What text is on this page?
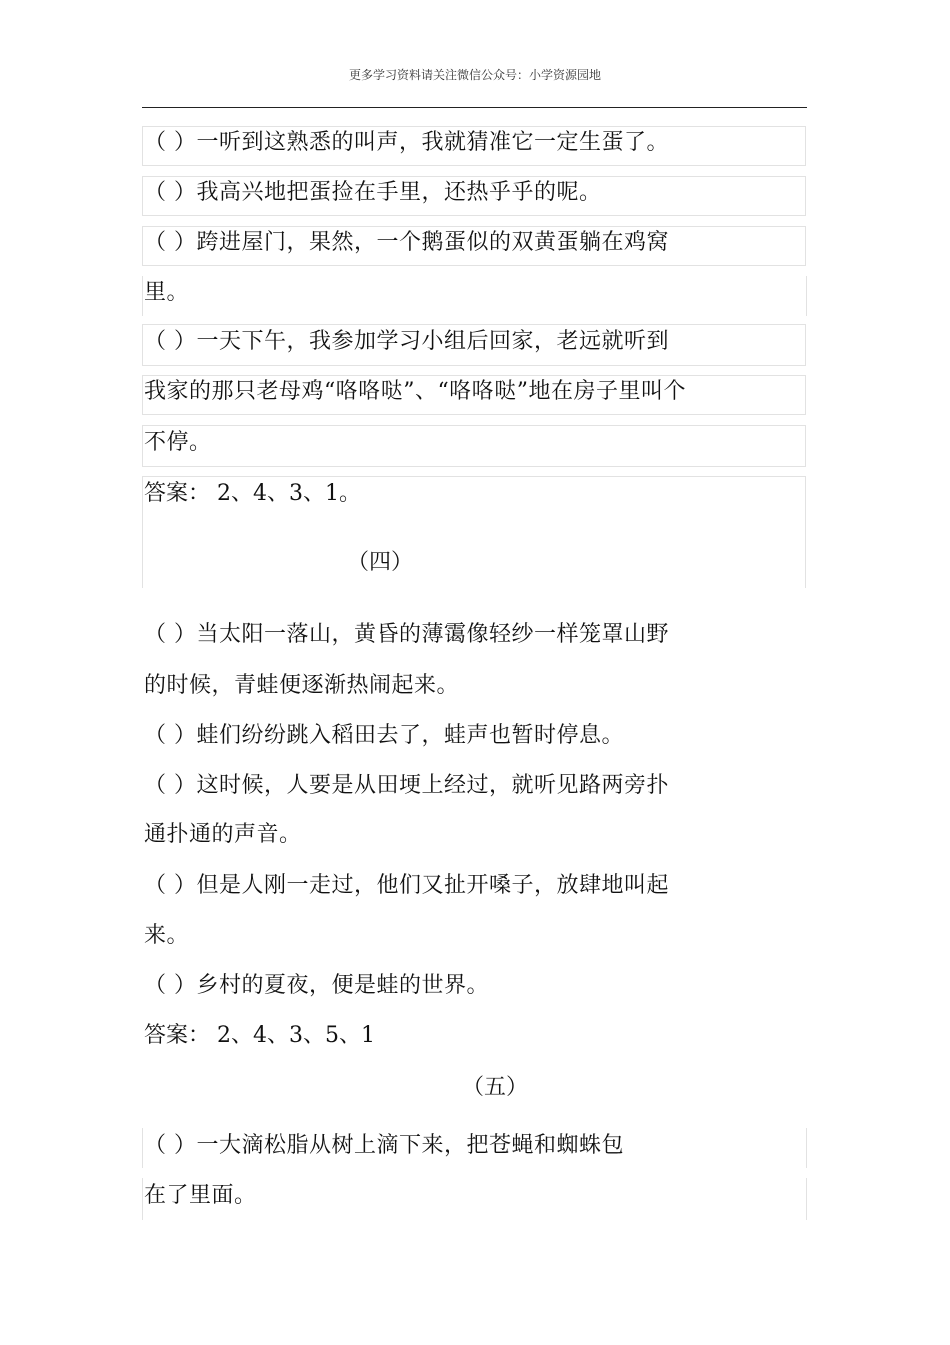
更多学习资料请关注微信公众号：小学资源园地
（ ）一听到这熟悉的叫声，我就猜准它一定生蛋了。
（ ）我高兴地把蛋捡在手里，还热乎乎的呢。
（ ）跨进屋门，果然，一个鹅蛋似的双黄蛋躺在鸡窝
里。
（ ）一天下午，我参加学习小组后回家，老远就听到
我家的那只老母鸡“咯咯哒”、“咯咯哒”地在房子里叫个
不停。
答案： 2、4、3、1。
（四）
（ ）当太阳一落山，黄昏的薄霭像轻纱一样笼罩山野
的时候，青蛙便逐渐热闹起来。
（ ）蛙们纷纷跳入稻田去了，蛙声也暂时停息。
（ ）这时候，人要是从田埂上经过，就听见路两旁扑
通扑通的声音。
（ ）但是人刚一走过，他们又扯开嗓子，放肆地叫起
来。
（ ）乡村的夏夜，便是蛙的世界。
答案： 2、4、3、5、1
（五）
（ ）一大滴松脂从树上滴下来，把苍蝇和蜘蛛包
在了里面。
